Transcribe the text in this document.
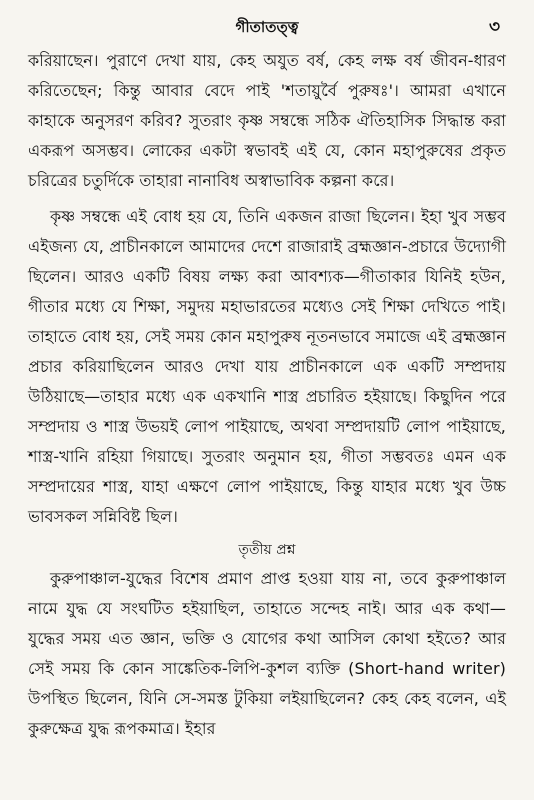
গীতাতত্ত্ব	৩

করিয়াছেন। পুরাণে দেখা যায়, কেহ অযুত বর্ষ, কেহ লক্ষ বর্ষ জীবন-ধারণ করিতেছেন; কিন্তু আবার বেদে পাই 'শতায়ুর্বৈ পুরুষঃ'। আমরা এখানে কাহাকে অনুসরণ করিব? সুতরাং কৃষ্ণ সম্বন্ধে সঠিক ঐতিহাসিক সিদ্ধান্ত করা একরূপ অসম্ভব। লোকের একটা স্বভাবই এই যে, কোন মহাপুরুষের প্রকৃত চরিত্রের চতুর্দিকে তাহারা নানাবিধ অস্বাভাবিক কল্পনা করে।

কৃষ্ণ সম্বন্ধে এই বোধ হয় যে, তিনি একজন রাজা ছিলেন। ইহা খুব সম্ভব এইজন্য যে, প্রাচীনকালে আমাদের দেশে রাজারাই ব্রহ্মজ্ঞান-প্রচারে উদ্যোগী ছিলেন। আরও একটি বিষয় লক্ষ্য করা আবশ্যক—গীতাকার যিনিই হউন, গীতার মধ্যে যে শিক্ষা, সমুদয় মহাভারতের মধ্যেও সেই শিক্ষা দেখিতে পাই। তাহাতে বোধ হয়, সেই সময় কোন মহাপুরুষ নূতনভাবে সমাজে এই ব্রহ্মজ্ঞান প্রচার করিয়াছিলেন আরও দেখা যায় প্রাচীনকালে এক একটি সম্প্রদায় উঠিয়াছে—তাহার মধ্যে এক একখানি শাস্ত্র প্রচারিত হইয়াছে। কিছুদিন পরে সম্প্রদায় ও শাস্ত্র উভয়ই লোপ পাইয়াছে, অথবা সম্প্রদায়টি লোপ পাইয়াছে, শাস্ত্র-খানি রহিয়া গিয়াছে। সুতরাং অনুমান হয়, গীতা সম্ভবতঃ এমন এক সম্প্রদায়ের শাস্ত্র, যাহা এক্ষণে লোপ পাইয়াছে, কিন্তু যাহার মধ্যে খুব উচ্চ ভাবসকল সন্নিবিষ্ট ছিল।

তৃতীয় প্রশ্ন

কুরুপাঞ্চাল-যুদ্ধের বিশেষ প্রমাণ প্রাপ্ত হওয়া যায় না, তবে কুরুপাঞ্চাল নামে যুদ্ধ যে সংঘটিত হইয়াছিল, তাহাতে সন্দেহ নাই। আর এক কথা—যুদ্ধের সময় এত জ্ঞান, ভক্তি ও যোগের কথা আসিল কোথা হইতে? আর সেই সময় কি কোন সাঙ্কেতিক-লিপি-কুশল ব্যক্তি (Short-hand writer) উপস্থিত ছিলেন, যিনি সে-সমস্ত টুকিয়া লইয়াছিলেন? কেহ কেহ বলেন, এই কুরুক্ষেত্র যুদ্ধ রূপকমাত্র। ইহার
